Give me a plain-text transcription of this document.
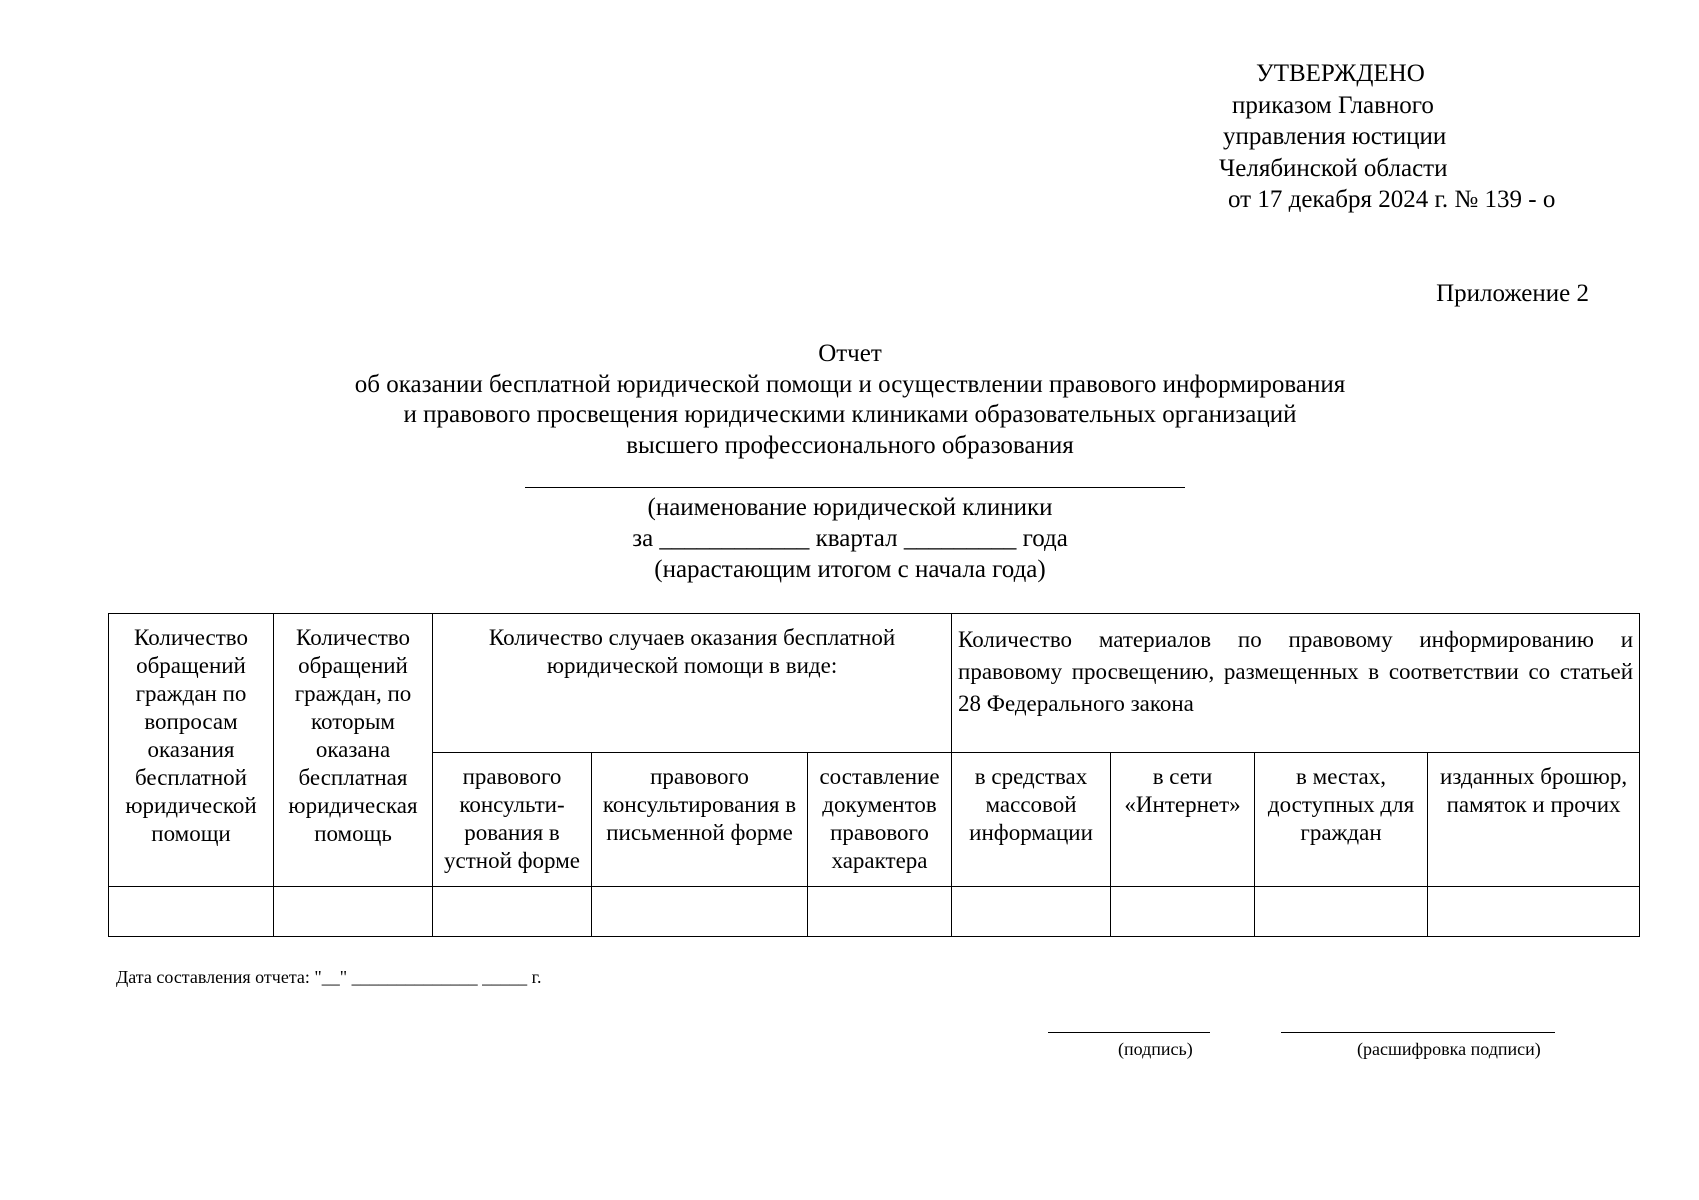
УТВЕРЖДЕНО
приказом Главного
управления юстиции
Челябинской области
от 17 декабря 2024 г. № 139 - о
Приложение 2
Отчет
об оказании бесплатной юридической помощи и осуществлении правового информирования
и правового просвещения юридическими клиниками образовательных организаций
высшего профессионального образования
(наименование юридической клиники
за ____________ квартал _________ года
(нарастающим итогом с начала года)
Количество обращений граждан по вопросам оказания бесплатной юридической помощи	Количество обращений граждан, по которым оказана бесплатная юридическая помощь	Количество случаев оказания бесплатной юридической помощи в виде:			Количество материалов по правовому информированию и правовому просвещению, размещенных в соответствии со статьей 28 Федерального закона			
		правового консульти-рования в устной форме	правового консультирования в письменной форме	составление документов правового характера	в средствах массовой информации	в сети «Интернет»	в местах, доступных для граждан	изданных брошюр, памяток и прочих

Дата составления отчета: "__" ______________ _____ г.
(подпись)	(расшифровка подписи)
